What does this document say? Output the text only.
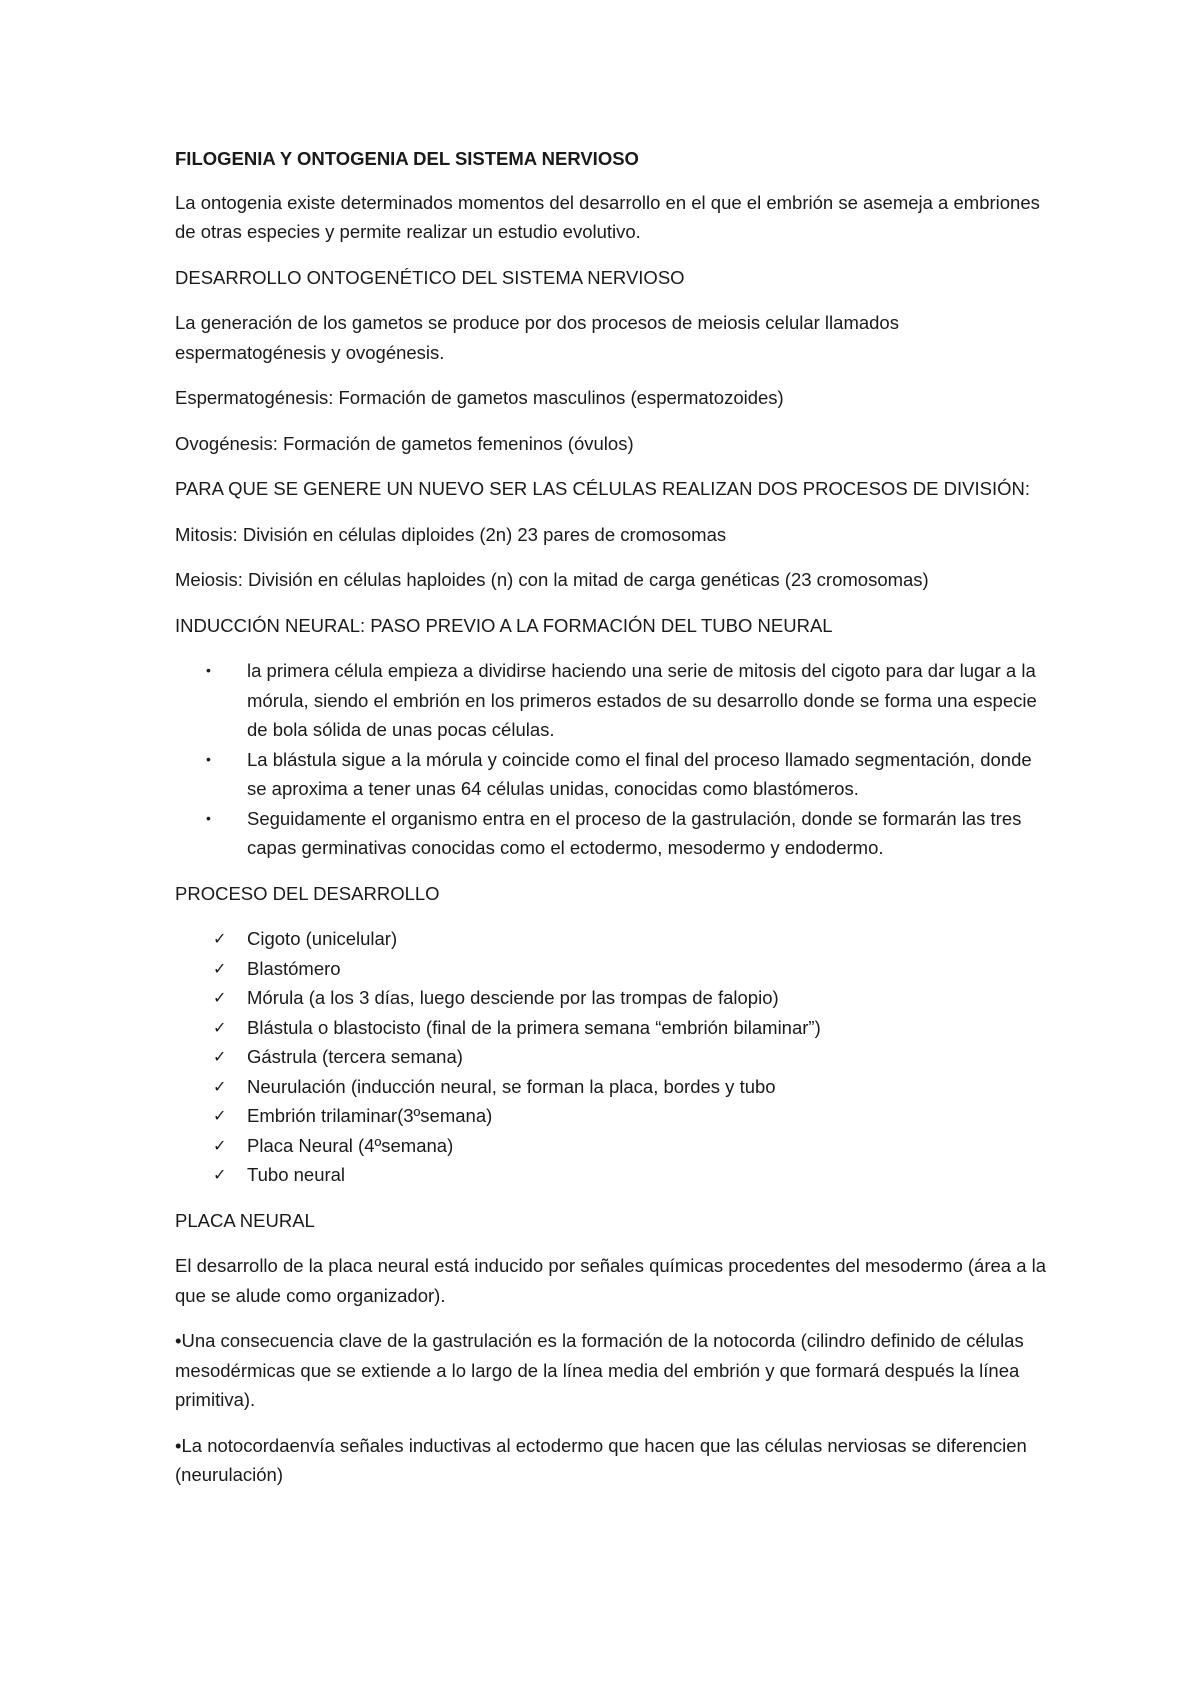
FILOGENIA Y ONTOGENIA DEL SISTEMA NERVIOSO

La ontogenia existe determinados momentos del desarrollo en el que el embrión se asemeja a embriones de otras especies y permite realizar un estudio evolutivo.

DESARROLLO ONTOGENÉTICO DEL SISTEMA NERVIOSO

La generación de los gametos se produce por dos procesos de meiosis celular llamados espermatogénesis y ovogénesis.

Espermatogénesis: Formación de gametos masculinos (espermatozoides)

Ovogénesis: Formación de gametos femeninos (óvulos)

PARA QUE SE GENERE UN NUEVO SER LAS CÉLULAS REALIZAN DOS PROCESOS DE DIVISIÓN:

Mitosis: División en células diploides (2n) 23 pares de cromosomas

Meiosis: División en células haploides (n) con la mitad de carga genéticas (23 cromosomas)

INDUCCIÓN NEURAL: PASO PREVIO A LA FORMACIÓN DEL TUBO NEURAL

• la primera célula empieza a dividirse haciendo una serie de mitosis del cigoto para dar lugar a la mórula, siendo el embrión en los primeros estados de su desarrollo donde se forma una especie de bola sólida de unas pocas células.
• La blástula sigue a la mórula y coincide como el final del proceso llamado segmentación, donde se aproxima a tener unas 64 células unidas, conocidas como blastómeros.
• Seguidamente el organismo entra en el proceso de la gastrulación, donde se formarán las tres capas germinativas conocidas como el ectodermo, mesodermo y endodermo.

PROCESO DEL DESARROLLO

✓ Cigoto (unicelular)
✓ Blastómero
✓ Mórula (a los 3 días, luego desciende por las trompas de falopio)
✓ Blástula o blastocisto (final de la primera semana “embrión bilaminar”)
✓ Gástrula (tercera semana)
✓ Neurulación (inducción neural, se forman la placa, bordes y tubo
✓ Embrión trilaminar(3ºsemana)
✓ Placa Neural (4ºsemana)
✓ Tubo neural

PLACA NEURAL

El desarrollo de la placa neural está inducido por señales químicas procedentes del mesodermo (área a la que se alude como organizador).

•Una consecuencia clave de la gastrulación es la formación de la notocorda (cilindro definido de células mesodérmicas que se extiende a lo largo de la línea media del embrión y que formará después la línea primitiva).

•La notocordaenvía señales inductivas al ectodermo que hacen que las células nerviosas se diferencien (neurulación)
